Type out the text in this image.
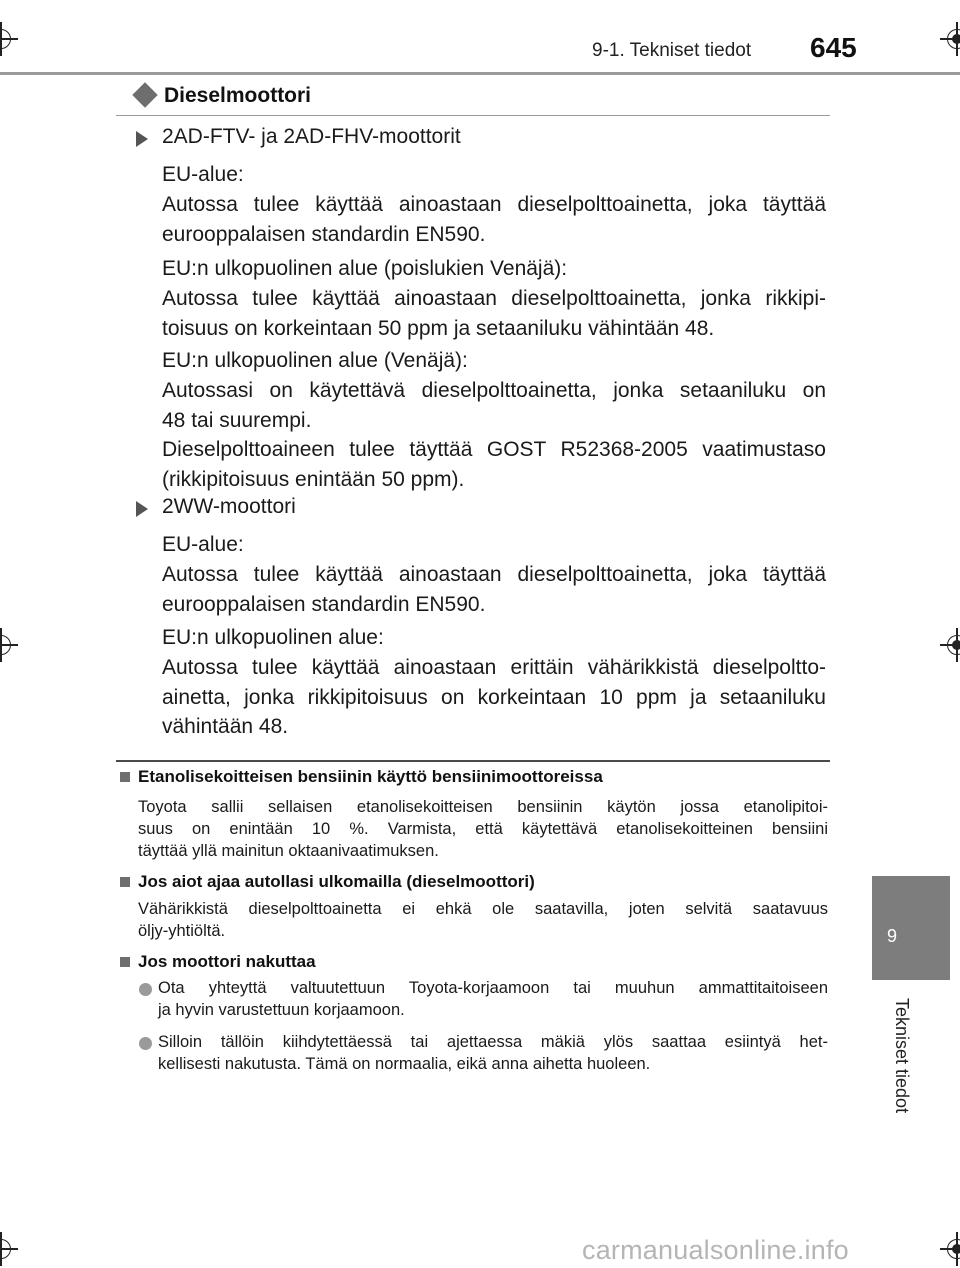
9-1. Tekniset tiedot 645
9
Tekniset tiedot
Dieselmoottori
2AD-FTV- ja 2AD-FHV-moottorit
EU-alue:
Autossa tulee käyttää ainoastaan dieselpolttoainetta, joka täyttää
eurooppalaisen standardin EN590.
EU:n ulkopuolinen alue (poislukien Venäjä):
Autossa tulee käyttää ainoastaan dieselpolttoainetta, jonka rikkipi-
toisuus on korkeintaan 50 ppm ja setaaniluku vähintään 48.
EU:n ulkopuolinen alue (Venäjä):
Autossasi on käytettävä dieselpolttoainetta, jonka setaaniluku on
48 tai suurempi.
Dieselpolttoaineen tulee täyttää GOST R52368-2005 vaatimustaso
(rikkipitoisuus enintään 50 ppm).
2WW-moottori
EU-alue:
Autossa tulee käyttää ainoastaan dieselpolttoainetta, joka täyttää
eurooppalaisen standardin EN590.
EU:n ulkopuolinen alue:
Autossa tulee käyttää ainoastaan erittäin vähärikkistä dieselpoltto-
ainetta, jonka rikkipitoisuus on korkeintaan 10 ppm ja setaaniluku
vähintään 48.
Etanolisekoitteisen bensiinin käyttö bensiinimoottoreissa
Toyota sallii sellaisen etanolisekoitteisen bensiinin käytön jossa etanolipitoi-
suus on enintään 10 %. Varmista, että käytettävä etanolisekoitteinen bensiini
täyttää yllä mainitun oktaanivaatimuksen.
Jos aiot ajaa autollasi ulkomailla (dieselmoottori)
Vähärikkistä dieselpolttoainetta ei ehkä ole saatavilla, joten selvitä saatavuus
öljy-yhtiöltä.
Jos moottori nakuttaa
Ota yhteyttä valtuutettuun Toyota-korjaamoon tai muuhun ammattitaitoiseen
ja hyvin varustettuun korjaamoon.
Silloin tällöin kiihdytettäessä tai ajettaessa mäkiä ylös saattaa esiintyä het-
kellisesti nakutusta. Tämä on normaalia, eikä anna aihetta huoleen.
carmanualsonline.info
